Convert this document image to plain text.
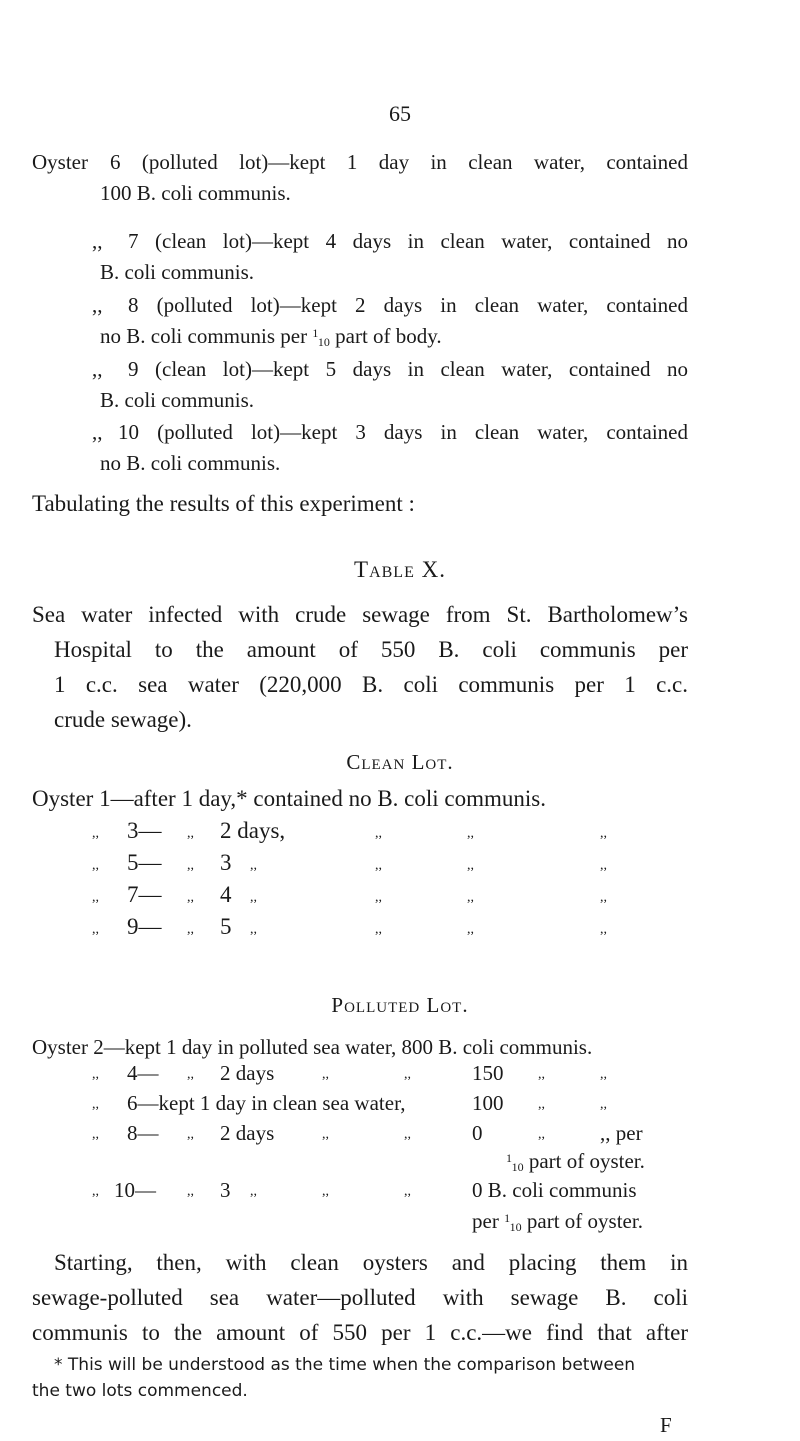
65
Oyster 6 (polluted lot)—kept 1 day in clean water, contained
100 B. coli communis.
,, 7 (clean lot)—kept 4 days in clean water, contained no
B. coli communis.
,, 8 (polluted lot)—kept 2 days in clean water, contained
no B. coli communis per 110 part of body.
,, 9 (clean lot)—kept 5 days in clean water, contained no
B. coli communis.
,, 10 (polluted lot)—kept 3 days in clean water, contained
no B. coli communis.
Tabulating the results of this experiment :
Table X.
Sea water infected with crude sewage from St. Bartholomew’s
Hospital to the amount of 550 B. coli communis per
1 c.c. sea water (220,000 B. coli communis per 1 c.c.
crude sewage).
Clean Lot.
Oyster 1—after 1 day,* contained no B. coli communis.
,, 3— ,, 2 days,	,,	,,	,,
,, 5— ,, 3 ,,	,,	,,	,,
,, 7— ,, 4 ,,	,,	,,	,,
,, 9— ,, 5 ,,	,,	,,	,,
Polluted Lot.
Oyster 2—kept 1 day in polluted sea water, 800 B. coli communis.
,, 4— ,, 2 days	,,	,,	150 ,,	,,
,, 6—kept 1 day in clean sea water,	100 ,,	,,
,, 8— ,, 2 days	,,	,,	0	,,	,, per
110 part of oyster.
,, 10— ,, 3 ,,	,,	,,	0 B. coli communis
per 110 part of oyster.
Starting, then, with clean oysters and placing them in
sewage-polluted sea water—polluted with sewage B. coli
communis to the amount of 550 per 1 c.c.—we find that after
* This will be understood as the time when the comparison between
the two lots commenced.
F
